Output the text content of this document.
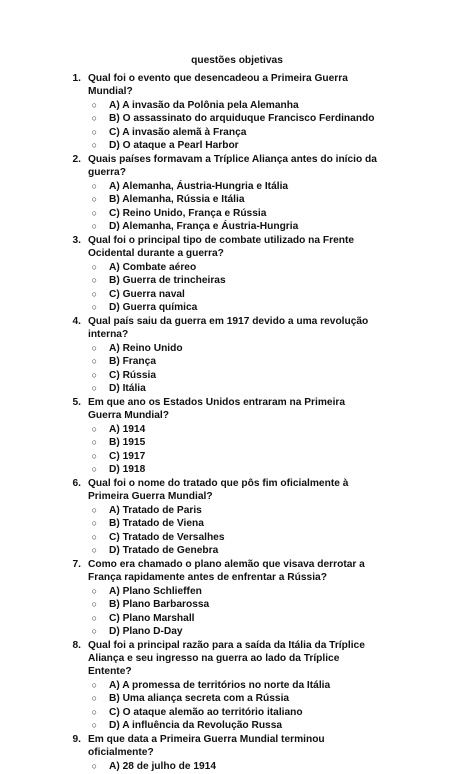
questões objetivas
1. Qual foi o evento que desencadeou a Primeira Guerra Mundial?
○	A) A invasão da Polônia pela Alemanha
○	B) O assassinato do arquiduque Francisco Ferdinando
○	C) A invasão alemã à França
○	D) O ataque a Pearl Harbor
2. Quais países formavam a Tríplice Aliança antes do início da guerra?
○	A) Alemanha, Áustria-Hungria e Itália
○	B) Alemanha, Rússia e Itália
○	C) Reino Unido, França e Rússia
○	D) Alemanha, França e Áustria-Hungria
3. Qual foi o principal tipo de combate utilizado na Frente Ocidental durante a guerra?
○	A) Combate aéreo
○	B) Guerra de trincheiras
○	C) Guerra naval
○	D) Guerra química
4. Qual país saiu da guerra em 1917 devido a uma revolução interna?
○	A) Reino Unido
○	B) França
○	C) Rússia
○	D) Itália
5. Em que ano os Estados Unidos entraram na Primeira Guerra Mundial?
○	A) 1914
○	B) 1915
○	C) 1917
○	D) 1918
6. Qual foi o nome do tratado que pôs fim oficialmente à Primeira Guerra Mundial?
○	A) Tratado de Paris
○	B) Tratado de Viena
○	C) Tratado de Versalhes
○	D) Tratado de Genebra
7. Como era chamado o plano alemão que visava derrotar a França rapidamente antes de enfrentar a Rússia?
○	A) Plano Schlieffen
○	B) Plano Barbarossa
○	C) Plano Marshall
○	D) Plano D-Day
8. Qual foi a principal razão para a saída da Itália da Tríplice Aliança e seu ingresso na guerra ao lado da Tríplice Entente?
○	A) A promessa de territórios no norte da Itália
○	B) Uma aliança secreta com a Rússia
○	C) O ataque alemão ao território italiano
○	D) A influência da Revolução Russa
9. Em que data a Primeira Guerra Mundial terminou oficialmente?
○	A) 28 de julho de 1914
